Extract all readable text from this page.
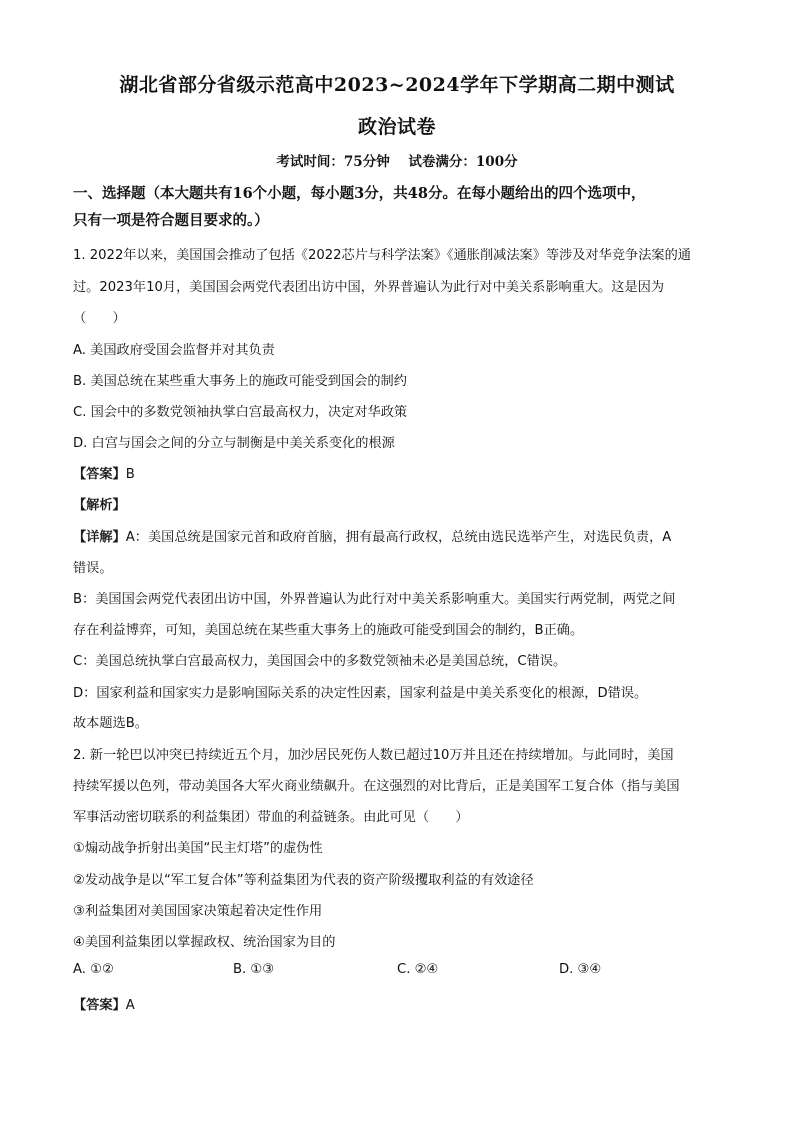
湖北省部分省级示范高中2023~2024学年下学期高二期中测试
政治试卷
考试时间：75分钟 试卷满分：100分
一、选择题（本大题共有16个小题，每小题3分，共48分。在每小题给出的四个选项中，
只有一项是符合题目要求的。）
1. 2022年以来，美国国会推动了包括《2022芯片与科学法案》《通胀削减法案》等涉及对华竞争法案的通
过。2023年10月，美国国会两党代表团出访中国，外界普遍认为此行对中美关系影响重大。这是因为
（　　）
A. 美国政府受国会监督并对其负责
B. 美国总统在某些重大事务上的施政可能受到国会的制约
C. 国会中的多数党领袖执掌白宫最高权力，决定对华政策
D. 白宫与国会之间的分立与制衡是中美关系变化的根源
【答案】B
【解析】
【详解】A：美国总统是国家元首和政府首脑，拥有最高行政权，总统由选民选举产生，对选民负责，A
错误。
B：美国国会两党代表团出访中国，外界普遍认为此行对中美关系影响重大。美国实行两党制，两党之间
存在利益博弈，可知，美国总统在某些重大事务上的施政可能受到国会的制约，B正确。
C：美国总统执掌白宫最高权力，美国国会中的多数党领袖未必是美国总统，C错误。
D：国家利益和国家实力是影响国际关系的决定性因素，国家利益是中美关系变化的根源，D错误。
故本题选B。
2. 新一轮巴以冲突已持续近五个月，加沙居民死伤人数已超过10万并且还在持续增加。与此同时，美国
持续军援以色列，带动美国各大军火商业绩飙升。在这强烈的对比背后，正是美国军工复合体（指与美国
军事活动密切联系的利益集团）带血的利益链条。由此可见（　　）
①煽动战争折射出美国“民主灯塔”的虚伪性
②发动战争是以“军工复合体”等利益集团为代表的资产阶级攫取利益的有效途径
③利益集团对美国国家决策起着决定性作用
④美国利益集团以掌握政权、统治国家为目的
A. ①②	B. ①③	C. ②④	D. ③④
【答案】A
